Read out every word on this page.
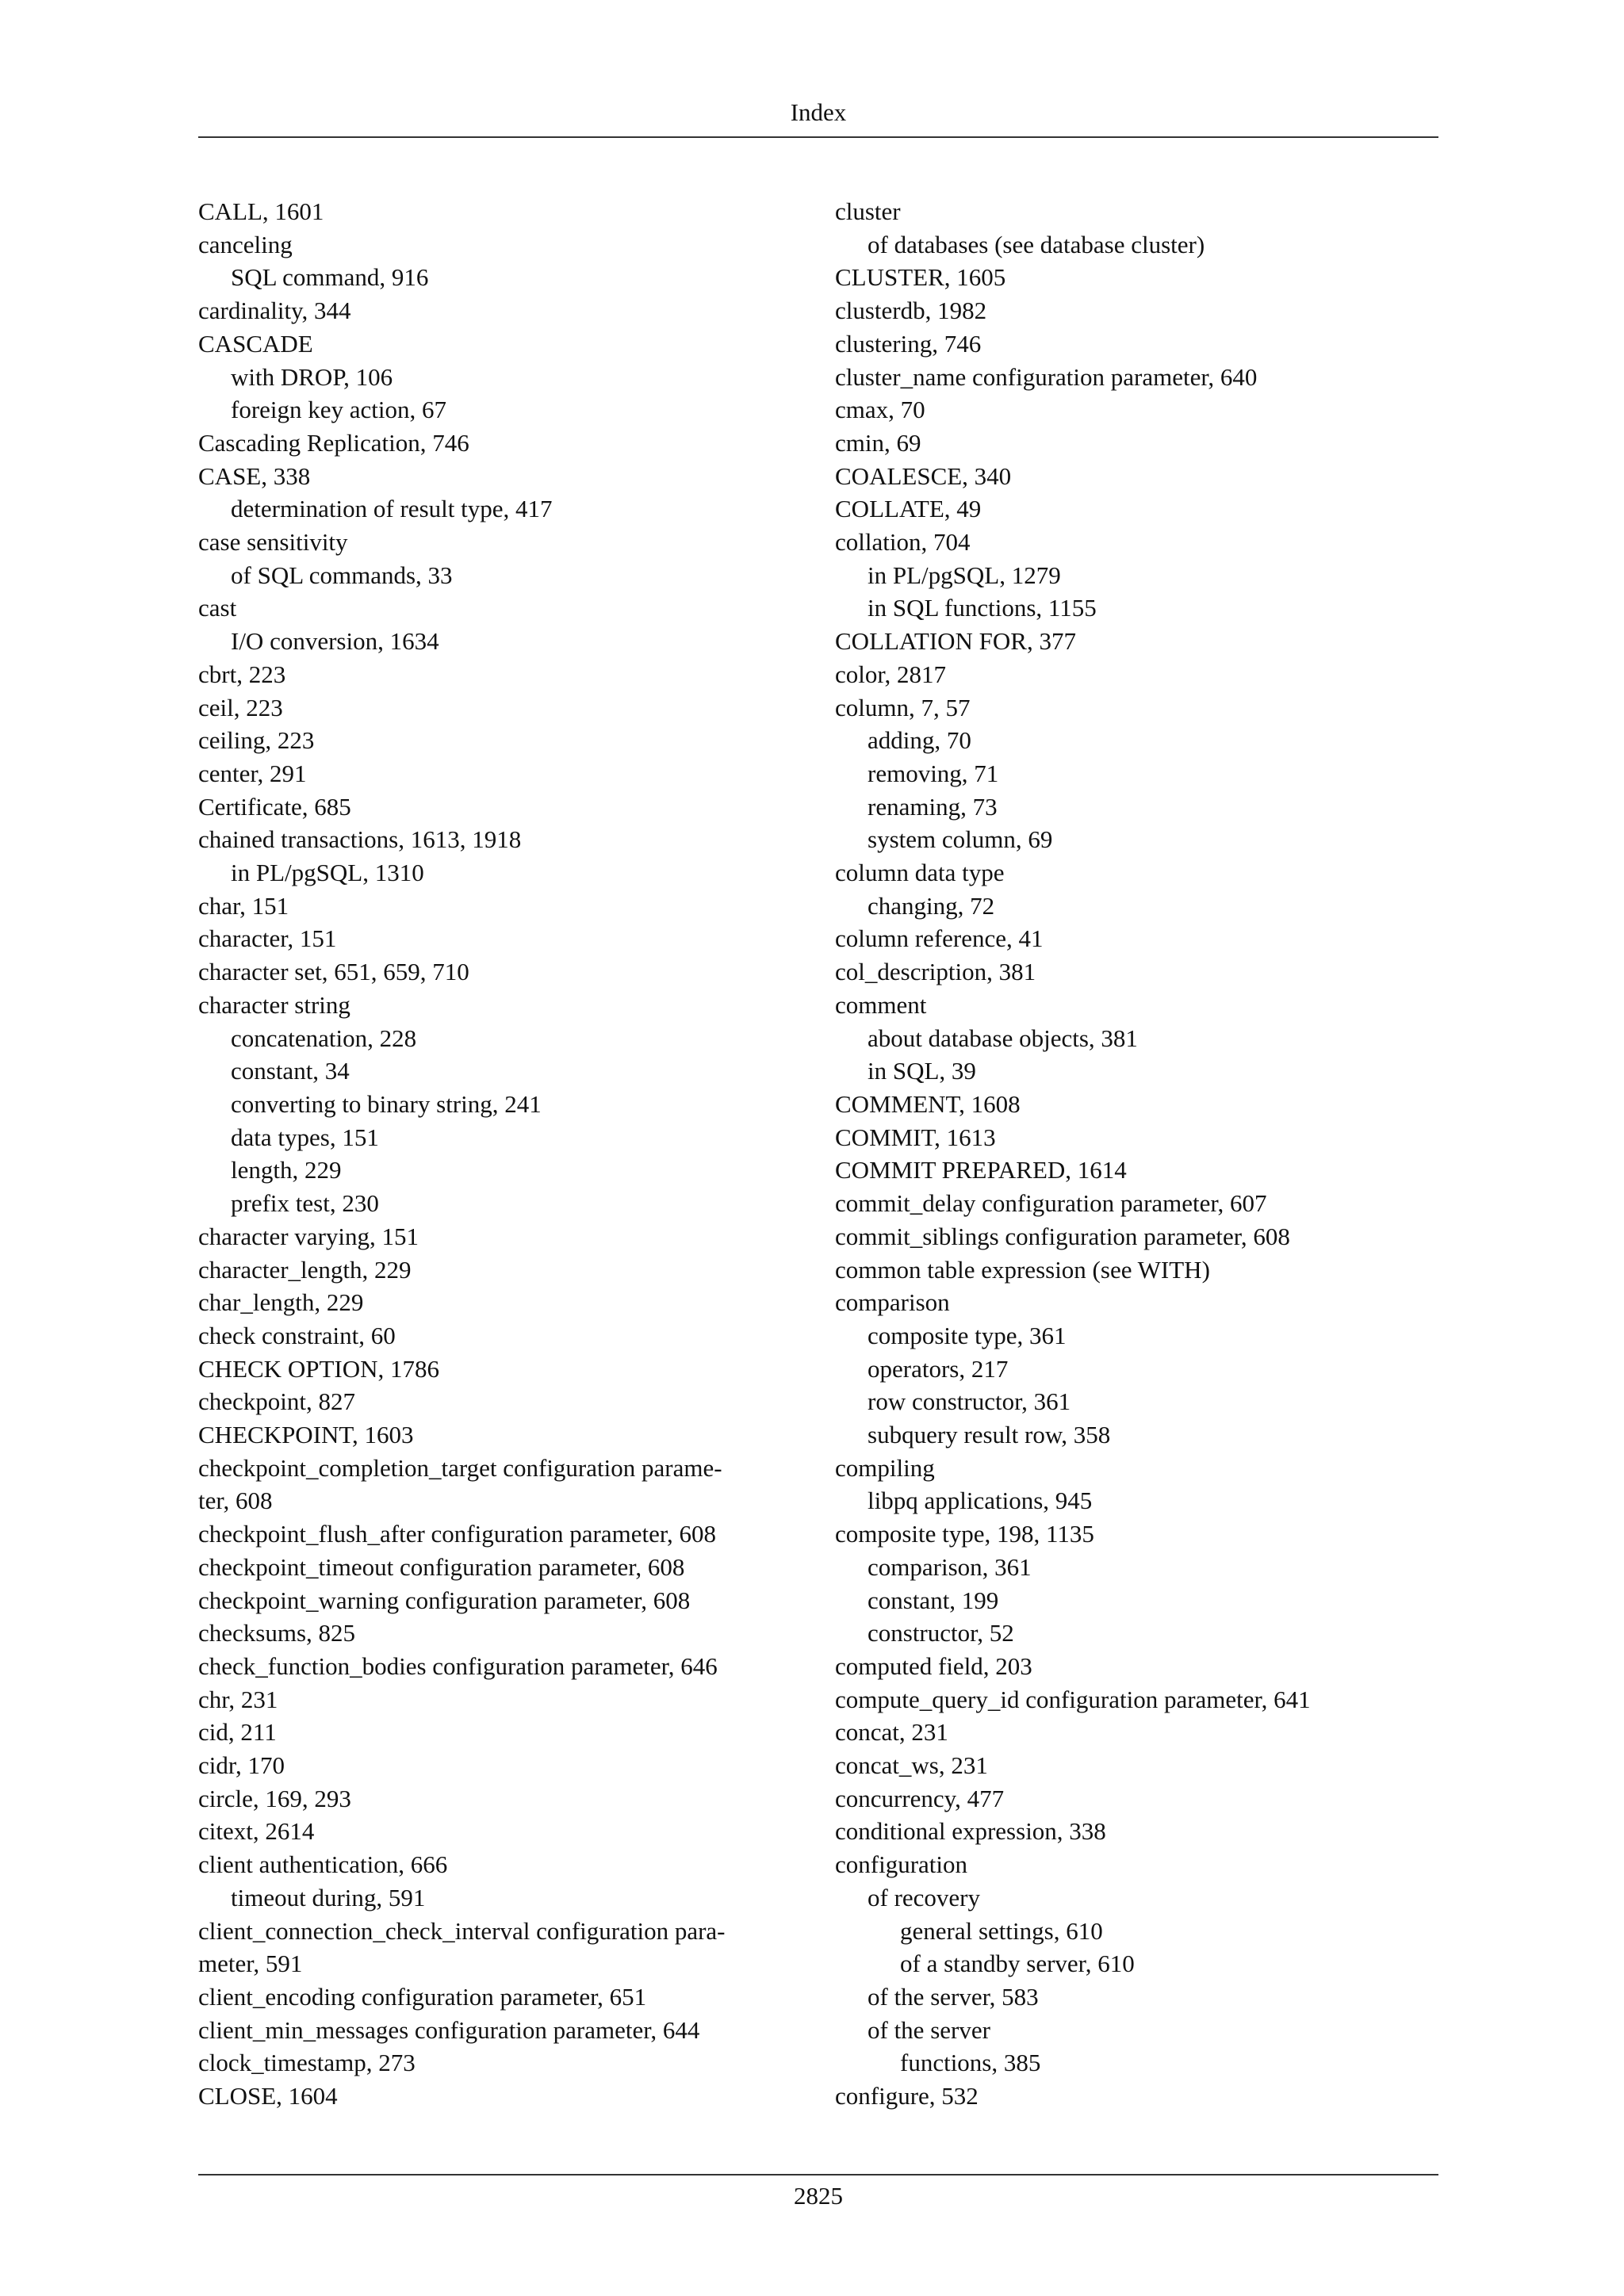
Index
CALL, 1601
canceling
SQL command, 916
cardinality, 344
CASCADE
with DROP, 106
foreign key action, 67
Cascading Replication, 746
CASE, 338
determination of result type, 417
case sensitivity
of SQL commands, 33
cast
I/O conversion, 1634
cbrt, 223
ceil, 223
ceiling, 223
center, 291
Certificate, 685
chained transactions, 1613, 1918
in PL/pgSQL, 1310
char, 151
character, 151
character set, 651, 659, 710
character string
concatenation, 228
constant, 34
converting to binary string, 241
data types, 151
length, 229
prefix test, 230
character varying, 151
character_length, 229
char_length, 229
check constraint, 60
CHECK OPTION, 1786
checkpoint, 827
CHECKPOINT, 1603
checkpoint_completion_target configuration parame-
ter, 608
checkpoint_flush_after configuration parameter, 608
checkpoint_timeout configuration parameter, 608
checkpoint_warning configuration parameter, 608
checksums, 825
check_function_bodies configuration parameter, 646
chr, 231
cid, 211
cidr, 170
circle, 169, 293
citext, 2614
client authentication, 666
timeout during, 591
client_connection_check_interval configuration para-
meter, 591
client_encoding configuration parameter, 651
client_min_messages configuration parameter, 644
clock_timestamp, 273
CLOSE, 1604
cluster
of databases (see database cluster)
CLUSTER, 1605
clusterdb, 1982
clustering, 746
cluster_name configuration parameter, 640
cmax, 70
cmin, 69
COALESCE, 340
COLLATE, 49
collation, 704
in PL/pgSQL, 1279
in SQL functions, 1155
COLLATION FOR, 377
color, 2817
column, 7, 57
adding, 70
removing, 71
renaming, 73
system column, 69
column data type
changing, 72
column reference, 41
col_description, 381
comment
about database objects, 381
in SQL, 39
COMMENT, 1608
COMMIT, 1613
COMMIT PREPARED, 1614
commit_delay configuration parameter, 607
commit_siblings configuration parameter, 608
common table expression (see WITH)
comparison
composite type, 361
operators, 217
row constructor, 361
subquery result row, 358
compiling
libpq applications, 945
composite type, 198, 1135
comparison, 361
constant, 199
constructor, 52
computed field, 203
compute_query_id configuration parameter, 641
concat, 231
concat_ws, 231
concurrency, 477
conditional expression, 338
configuration
of recovery
general settings, 610
of a standby server, 610
of the server, 583
of the server
functions, 385
configure, 532
2825
